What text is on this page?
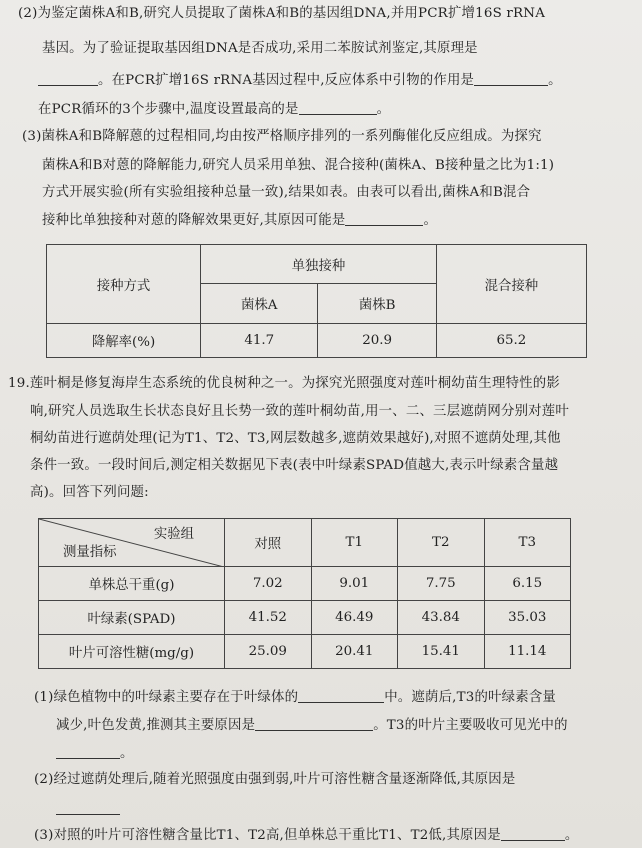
(2)为鉴定菌株A和B,研究人员提取了菌株A和B的基因组DNA,并用PCR扩增16S rRNA
基因。为了验证提取基因组DNA是否成功,采用二苯胺试剂鉴定,其原理是
。在PCR扩增16S rRNA基因过程中,反应体系中引物的作用是	。
在PCR循环的3个步骤中,温度设置最高的是	。
(3)菌株A和B降解蒽的过程相同,均由按严格顺序排列的一系列酶催化反应组成。为探究
菌株A和B对蒽的降解能力,研究人员采用单独、混合接种(菌株A、B接种量之比为1:1)
方式开展实验(所有实验组接种总量一致),结果如表。由表可以看出,菌株A和B混合
接种比单独接种对蒽的降解效果更好,其原因可能是	。
接种方式	单独接种		混合接种
	菌株A	菌株B	
降解率(%)	41.7	20.9	65.2
19.莲叶桐是修复海岸生态系统的优良树种之一。为探究光照强度对莲叶桐幼苗生理特性的影
响,研究人员选取生长状态良好且长势一致的莲叶桐幼苗,用一、二、三层遮荫网分别对莲叶
桐幼苗进行遮荫处理(记为T1、T2、T3,网层数越多,遮荫效果越好),对照不遮荫处理,其他
条件一致。一段时间后,测定相关数据见下表(表中叶绿素SPAD值越大,表示叶绿素含量越
高)。回答下列问题:
实验组
测量指标	对照	T1	T2	T3
单株总干重(g)	7.02	9.01	7.75	6.15
叶绿素(SPAD)	41.52	46.49	43.84	35.03
叶片可溶性糖(mg/g)	25.09	20.41	15.41	11.14
(1)绿色植物中的叶绿素主要存在于叶绿体的	中。遮荫后,T3的叶绿素含量
减少,叶色发黄,推测其主要原因是	。T3的叶片主要吸收可见光中的
。
(2)经过遮荫处理后,随着光照强度由强到弱,叶片可溶性糖含量逐渐降低,其原因是
(3)对照的叶片可溶性糖含量比T1、T2高,但单株总干重比T1、T2低,其原因是	。
